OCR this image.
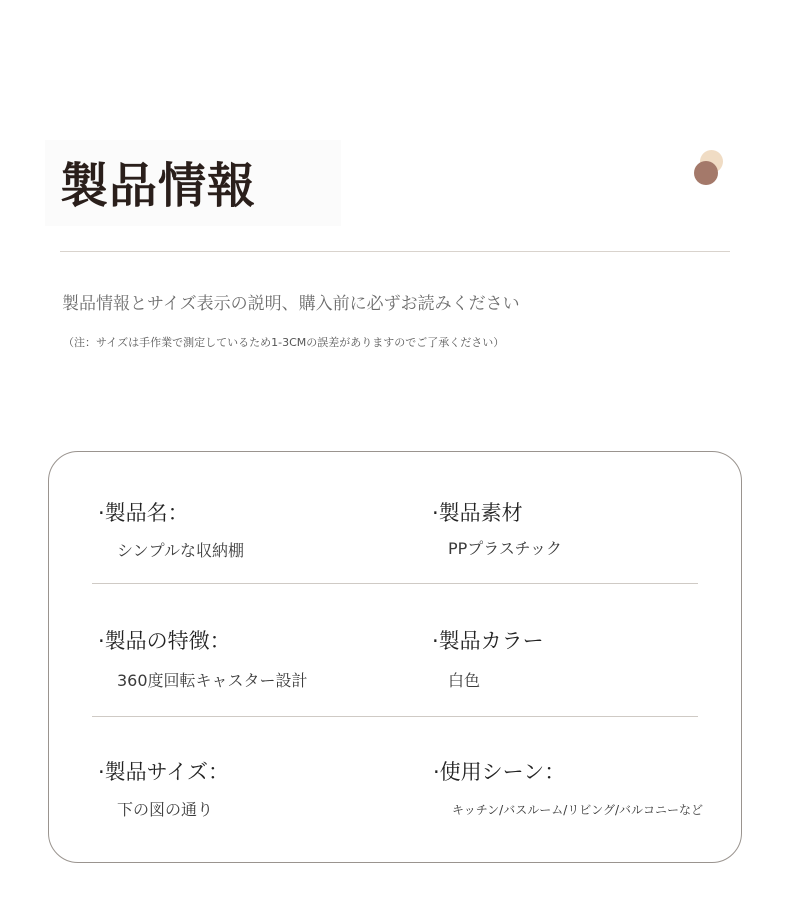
製品情報
製品情報とサイズ表示の説明、購入前に必ずお読みください
（注：サイズは手作業で測定しているため1-3CMの誤差がありますのでご了承ください）
·製品名：
シンプルな収納棚
·製品素材
PPプラスチック
·製品の特徴：
360度回転キャスター設計
·製品カラー
白色
·製品サイズ：
下の図の通り
·使用シーン：
キッチン/バスルーム/リビング/バルコニーなど
